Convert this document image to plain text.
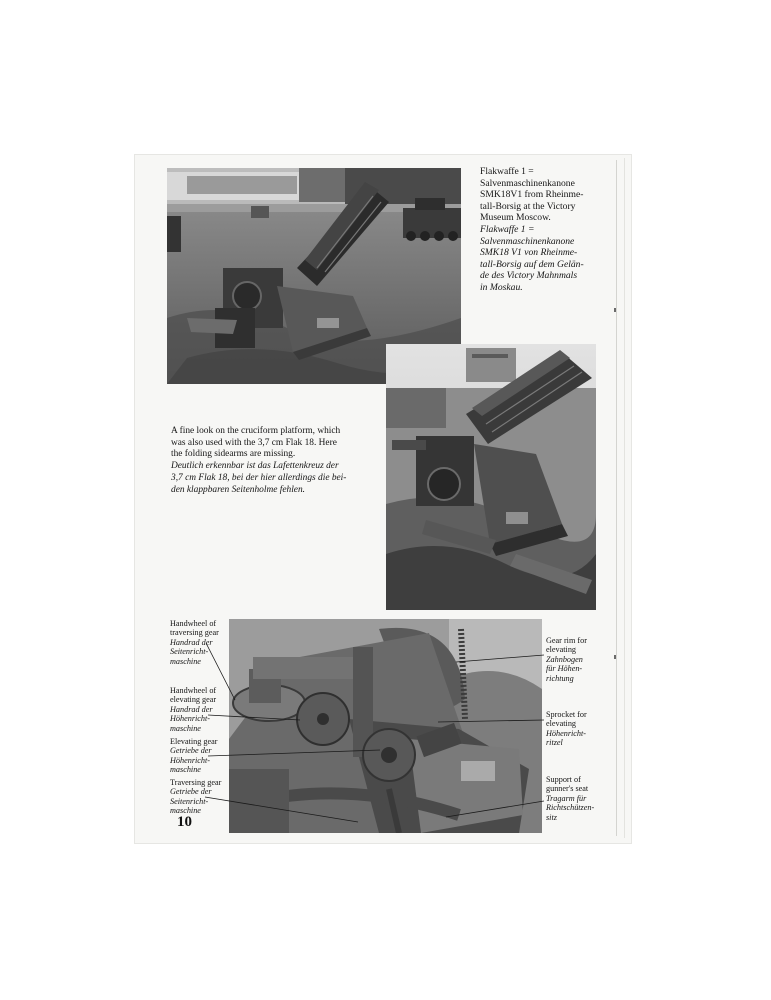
Flakwaffe 1 =
Salvenmaschinenkanone
SMK18V1 from Rheinme-
tall-Borsig at the Victory
Museum Moscow.

Flakwaffe 1 =
Salvenmaschinenkanone
SMK18 V1 von Rheinme-
tall-Borsig auf dem Gelän-
de des Victory Mahnmals
in Moskau.

A fine look on the cruciform platform, which
was also used with the 3,7 cm Flak 18. Here
the folding sidearms are missing.

Deutlich erkennbar ist das Lafettenkreuz der
3,7 cm Flak 18, bei der hier allerdings die bei-
den klappbaren Seitenholme fehlen.

Handwheel of
traversing gear
Handrad der
Seitenricht-
maschine
Handwheel of
elevating gear
Handrad der
Höhenricht-
maschine
Elevating gear
Getriebe der
Höhenricht-
maschine
Traversing gear
Getriebe der
Seitenricht-
maschine
Gear rim for
elevating
Zahnbogen
für Höhen-
richtung
Sprocket for
elevating
Höhenricht-
ritzel
Support of
gunner's seat
Tragarm für
Richtschützen-
sitz
10
